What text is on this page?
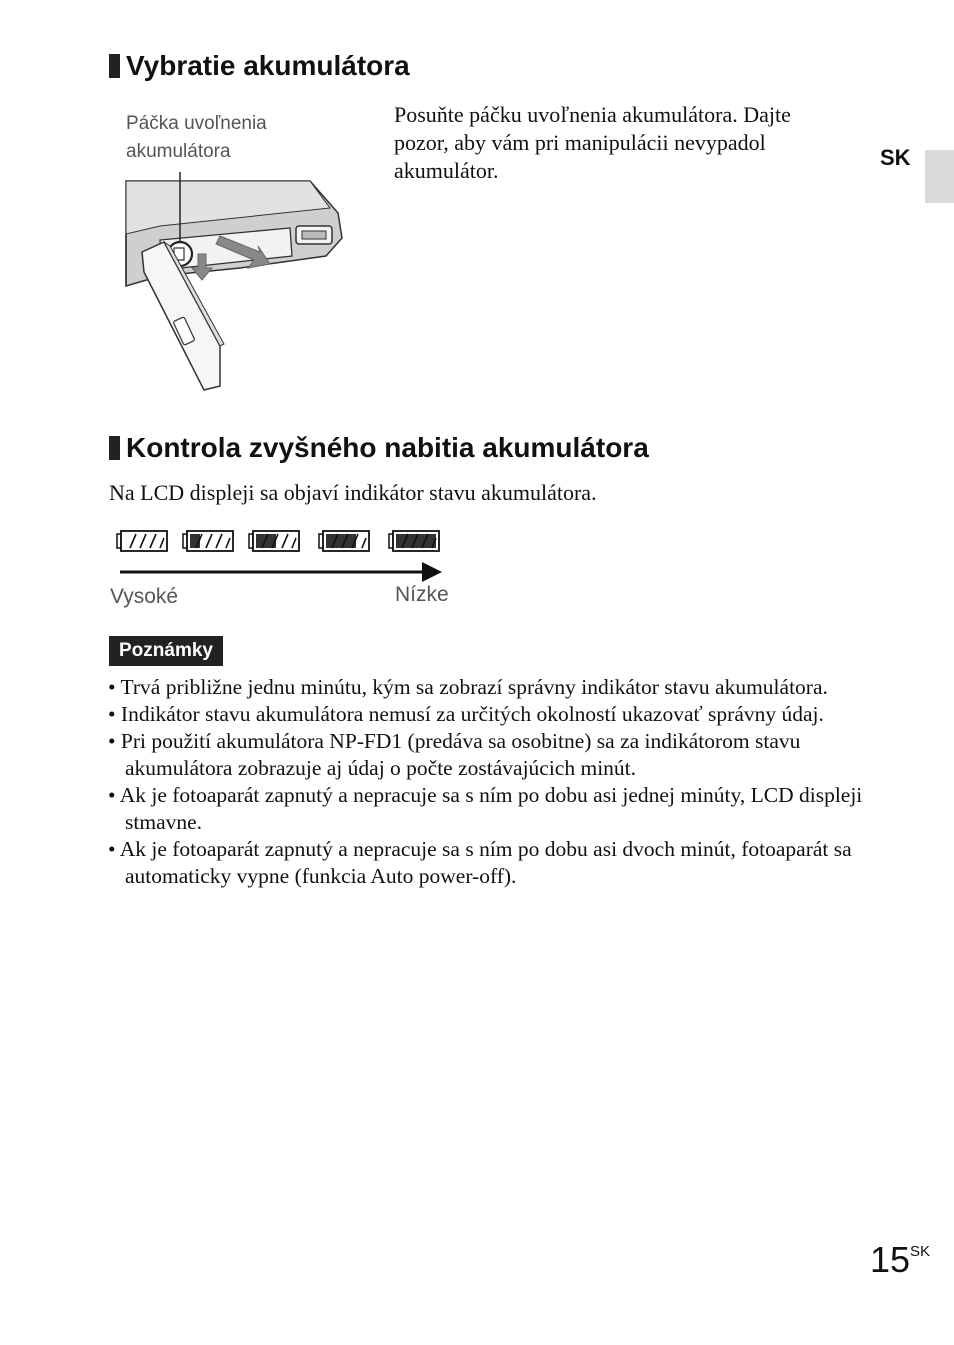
SK
Vybratie akumulátora
Páčka uvoľnenia akumulátora
Posuňte páčku uvoľnenia akumulátora. Dajte pozor, aby vám pri manipulácii nevypadol akumulátor.
Kontrola zvyšného nabitia akumulátora
Na LCD displeji sa objaví indikátor stavu akumulátora.
Vysoké	Nízke
Poznámky
• Trvá približne jednu minútu, kým sa zobrazí správny indikátor stavu akumulátora.
• Indikátor stavu akumulátora nemusí za určitých okolností ukazovať správny údaj.
• Pri použití akumulátora NP-FD1 (predáva sa osobitne) sa za indikátorom stavu akumulátora zobrazuje aj údaj o počte zostávajúcich minút.
• Ak je fotoaparát zapnutý a nepracuje sa s ním po dobu asi jednej minúty, LCD displeji stmavne.
• Ak je fotoaparát zapnutý a nepracuje sa s ním po dobu asi dvoch minút, fotoaparát sa automaticky vypne (funkcia Auto power-off).
$15^{SK}$
